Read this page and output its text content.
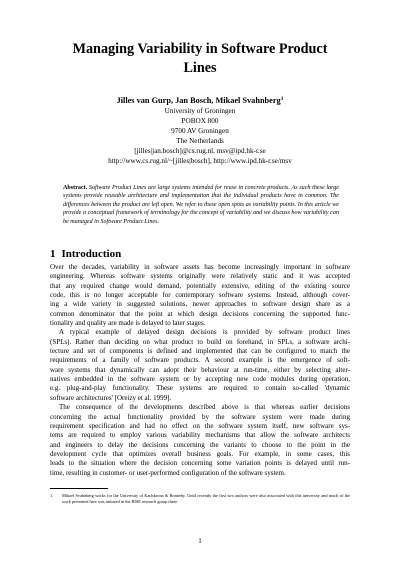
Managing Variability in Software Product
Lines
Jilles van Gurp, Jan Bosch, Mikael Svahnberg$^1$
University of Groningen
POBOX 800
9700 AV Groningen
The Netherlands
[jilles|jan.bosch]@cs.rug.nl, msv@ipd.hk-r.se
http://www.cs.rug.nl/~[jilles|bosch], http://www.ipd.hk-r.se/msv
Abstract. Software Product Lines are large systems intended for reuse in concrete products. As such these large systems provide reusable architecture and implementation that the individual products have in common. The differences between the product are left open. We refer to these open spots as variability points. In this article we provide a conceptual framework of terminology for the concept of variability and we discuss how variability can be managed in Software Product Lines.
1 Introduction
Over the decades, variability in software assets has become increasingly important in software
engineering. Whereas software systems originally were relatively static and it was accepted
that any required change would demand, potentially extensive, editing of the existing source
code, this is no longer acceptable for contemporary software systems. Instead, although cover-
ing a wide variety in suggested solutions, newer approaches to software design share as a
common denominator that the point at which design decisions concerning the supported func-
tionality and quality are made is delayed to later stages.
A typical example of delayed design decisions is provided by software product lines
(SPLs). Rather than deciding on what product to build on forehand, in SPLs, a software archi-
tecture and set of components is defined and implemented that can be configured to match the
requirements of a family of software products. A second example is the emergence of soft-
ware systems that dynamically can adopt their behaviour at run-time, either by selecting alter-
natives embedded in the software system or by accepting new code modules during operation,
e.g. plug-and-play functionality. These systems are required to contain so-called 'dynamic
software architectures' [Oreizy et al. 1999].
The consequence of the developments described above is that whereas earlier decisions
concerning the actual functionality provided by the software system were made during
requirement specification and had no effect on the software system itself, new software sys-
tems are required to employ various variability mechanisms that allow the software architects
and engineers to delay the decisions concerning the variants to choose to the point in the
development cycle that optimizes overall business goals. For example, in some cases, this
leads to the situation where the decision concerning some variation points is delayed until run-
time, resulting in customer- or user-performed configuration of the software system.
1. Mikael Svahnberg works for the University of Karlskrona & Ronneby. Until recently the first two authors were also associated with this university and much of the work presented here was initiated in the RISE research group there.
1
